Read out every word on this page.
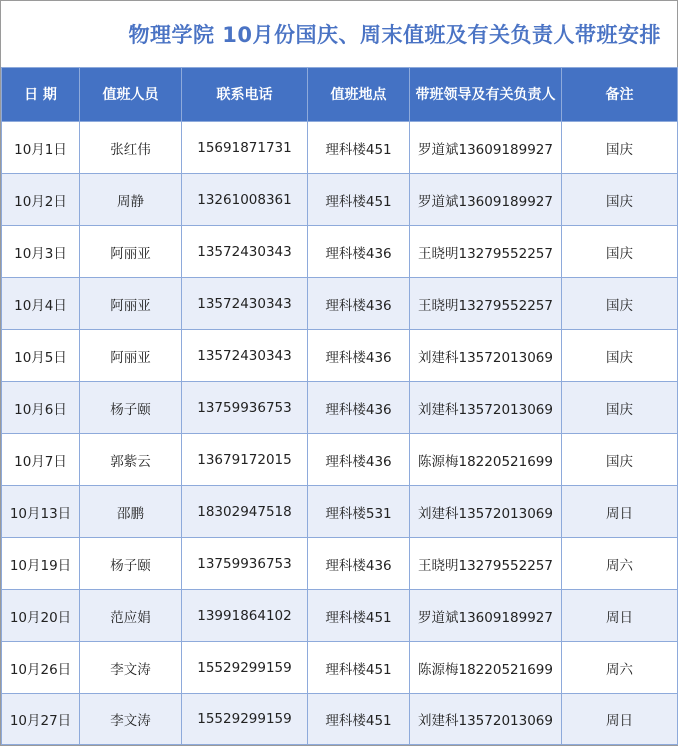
物理学院 10月份国庆、周末值班及有关负责人带班安排
日 期	值班人员	联系电话	值班地点	带班领导及有关负责人	备注
10月1日	张红伟	15691871731	理科楼451	罗道斌13609189927	国庆
10月2日	周静	13261008361	理科楼451	罗道斌13609189927	国庆
10月3日	阿丽亚	13572430343	理科楼436	王晓明13279552257	国庆
10月4日	阿丽亚	13572430343	理科楼436	王晓明13279552257	国庆
10月5日	阿丽亚	13572430343	理科楼436	刘建科13572013069	国庆
10月6日	杨子颐	13759936753	理科楼436	刘建科13572013069	国庆
10月7日	郭紫云	13679172015	理科楼436	陈源梅18220521699	国庆
10月13日	邵鹏	18302947518	理科楼531	刘建科13572013069	周日
10月19日	杨子颐	13759936753	理科楼436	王晓明13279552257	周六
10月20日	范应娟	13991864102	理科楼451	罗道斌13609189927	周日
10月26日	李文涛	15529299159	理科楼451	陈源梅18220521699	周六
10月27日	李文涛	15529299159	理科楼451	刘建科13572013069	周日
